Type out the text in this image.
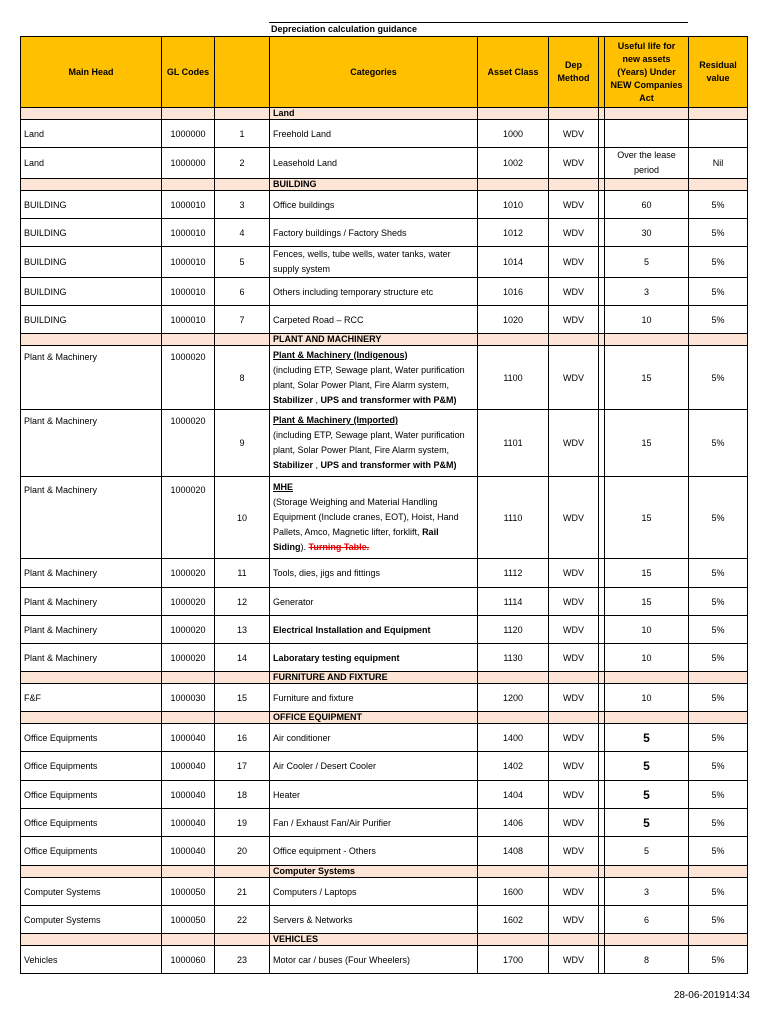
Depreciation calculation guidance
Main Head	GL Codes		Categories	Asset Class	Dep Method		Useful life for new assets (Years) Under NEW Companies Act	Residual value
			Land					
Land	1000000	1	Freehold Land	1000	WDV			
Land	1000000	2	Leasehold Land	1002	WDV		Over the lease period	Nil
			BUILDING					
BUILDING	1000010	3	Office buildings	1010	WDV		60	5%
BUILDING	1000010	4	Factory buildings / Factory Sheds	1012	WDV		30	5%
BUILDING	1000010	5	Fences, wells, tube wells, water tanks, water supply system	1014	WDV		5	5%
BUILDING	1000010	6	Others including temporary structure etc	1016	WDV		3	5%
BUILDING	1000010	7	Carpeted Road – RCC	1020	WDV		10	5%
			PLANT AND MACHINERY					
Plant & Machinery	1000020	8	Plant & Machinery (Indigenous)
(including ETP, Sewage plant, Water purification plant, Solar Power Plant, Fire Alarm system, Stabilizer , UPS and transformer with P&M)	1100	WDV		15	5%
Plant & Machinery	1000020	9	Plant & Machinery (Imported)
(including ETP, Sewage plant, Water purification plant, Solar Power Plant, Fire Alarm system, Stabilizer , UPS and transformer with P&M)	1101	WDV		15	5%
Plant & Machinery	1000020	10	MHE
(Storage Weighing and Material Handling Equipment (Include cranes, EOT), Hoist, Hand Pallets, Amco, Magnetic lifter, forklift, Rail Siding). Turning Table.	1110	WDV		15	5%
Plant & Machinery	1000020	11	Tools, dies, jigs and fittings	1112	WDV		15	5%
Plant & Machinery	1000020	12	Generator	1114	WDV		15	5%
Plant & Machinery	1000020	13	Electrical Installation and Equipment	1120	WDV		10	5%
Plant & Machinery	1000020	14	Laboratary testing equipment	1130	WDV		10	5%
			FURNITURE AND FIXTURE					
F&F	1000030	15	Furniture and fixture	1200	WDV		10	5%
			OFFICE EQUIPMENT					
Office Equipments	1000040	16	Air conditioner	1400	WDV		5	5%
Office Equipments	1000040	17	Air Cooler / Desert Cooler	1402	WDV		5	5%
Office Equipments	1000040	18	Heater	1404	WDV		5	5%
Office Equipments	1000040	19	Fan / Exhaust Fan/Air Purifier	1406	WDV		5	5%
Office Equipments	1000040	20	Office equipment - Others	1408	WDV		5	5%
			Computer Systems					
Computer Systems	1000050	21	Computers / Laptops	1600	WDV		3	5%
Computer Systems	1000050	22	Servers & Networks	1602	WDV		6	5%
			VEHICLES					
Vehicles	1000060	23	Motor car / buses (Four Wheelers)	1700	WDV		8	5%
28-06-201914:34
